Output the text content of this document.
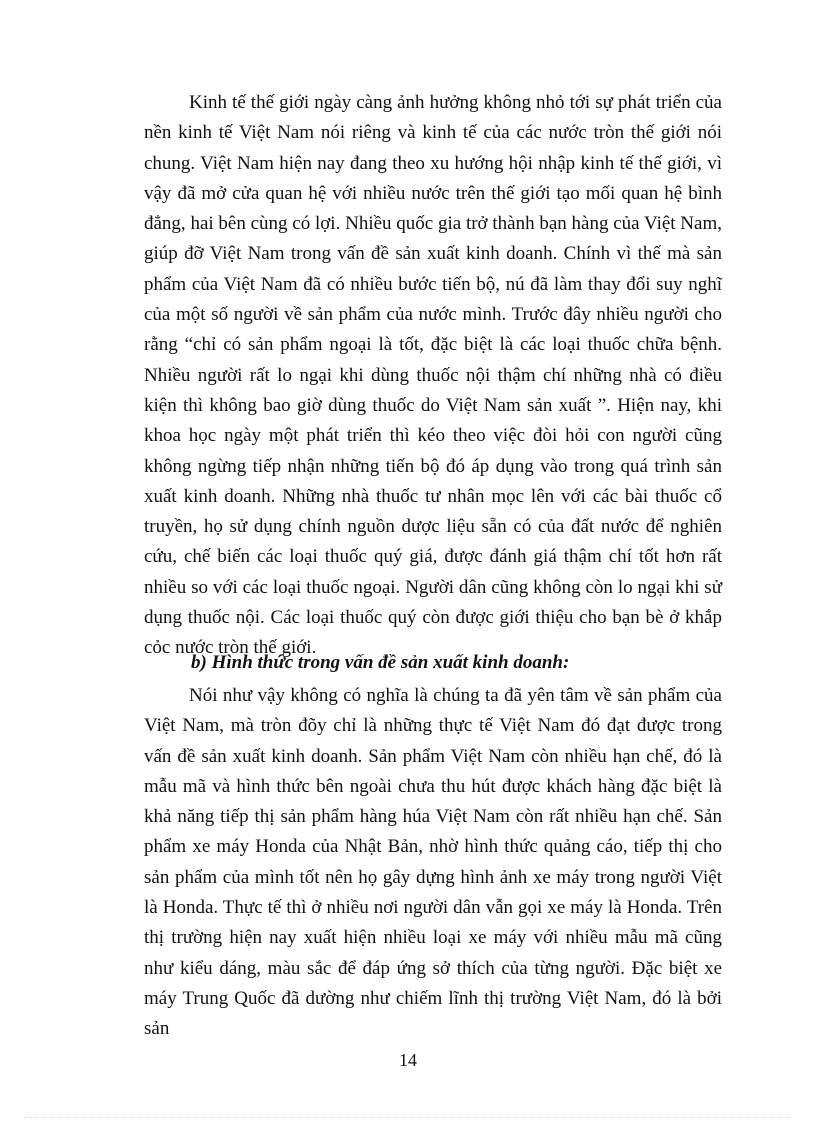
Kinh tế thế giới ngày càng ảnh hưởng không nhỏ tới sự phát triển của nền kinh tế Việt Nam nói riêng và kinh tế của các nước tròn thế giới nói chung. Việt Nam hiện nay đang theo xu hướng hội nhập kinh tế thế giới, vì vậy đã mở cửa quan hệ với nhiều nước trên thế giới tạo mối quan hệ bình đẳng, hai bên cùng có lợi. Nhiều quốc gia trở thành bạn hàng của Việt Nam, giúp đỡ Việt Nam trong vấn đề sản xuất kinh doanh. Chính vì thế mà sản phẩm của Việt Nam đã có nhiều bước tiến bộ, nú đã làm thay đổi suy nghĩ của một số người về sản phẩm của nước mình. Trước đây nhiều người cho rằng “chỉ có sản phẩm ngoại là tốt, đặc biệt là các loại thuốc chữa bệnh. Nhiều người rất lo ngại khi dùng thuốc nội thậm chí những nhà có điều kiện thì không bao giờ dùng thuốc do Việt Nam sản xuất ”. Hiện nay, khi khoa học ngày một phát triển thì kéo theo việc đòi hỏi con người cũng không ngừng tiếp nhận những tiến bộ đó áp dụng vào trong quá trình sản xuất kinh doanh. Những nhà thuốc tư nhân mọc lên với các bài thuốc cổ truyền, họ sử dụng chính nguồn dược liệu sẵn có của đất nước để nghiên cứu, chế biến các loại thuốc quý giá, được đánh giá thậm chí tốt hơn rất nhiều so với các loại thuốc ngoại. Người dân cũng không còn lo ngại khi sử dụng thuốc nội. Các loại thuốc quý còn được giới thiệu cho bạn bè ở khắp cỏc nước tròn thế giới.

b) Hình thức trong vấn đề sản xuất kinh doanh:

Nói như vậy không có nghĩa là chúng ta đã yên tâm về sản phẩm của Việt Nam, mà tròn đõy chỉ là những thực tế Việt Nam đó đạt được trong vấn đề sản xuất kinh doanh. Sản phẩm Việt Nam còn nhiều hạn chế, đó là mẫu mã và hình thức bên ngoài chưa thu hút được khách hàng đặc biệt là khả năng tiếp thị sản phẩm hàng húa Việt Nam còn rất nhiều hạn chế. Sản phẩm xe máy Honda của Nhật Bản, nhờ hình thức quảng cáo, tiếp thị cho sản phẩm của mình tốt nên họ gây dựng hình ảnh xe máy trong người Việt là Honda. Thực tế thì ở nhiều nơi người dân vẫn gọi xe máy là Honda. Trên thị trường hiện nay xuất hiện nhiều loại xe máy với nhiều mẫu mã cũng như kiểu dáng, màu sắc để đáp ứng sở thích của từng người. Đặc biệt xe máy Trung Quốc đã dường như chiếm lĩnh thị trường Việt Nam, đó là bởi sản

14
